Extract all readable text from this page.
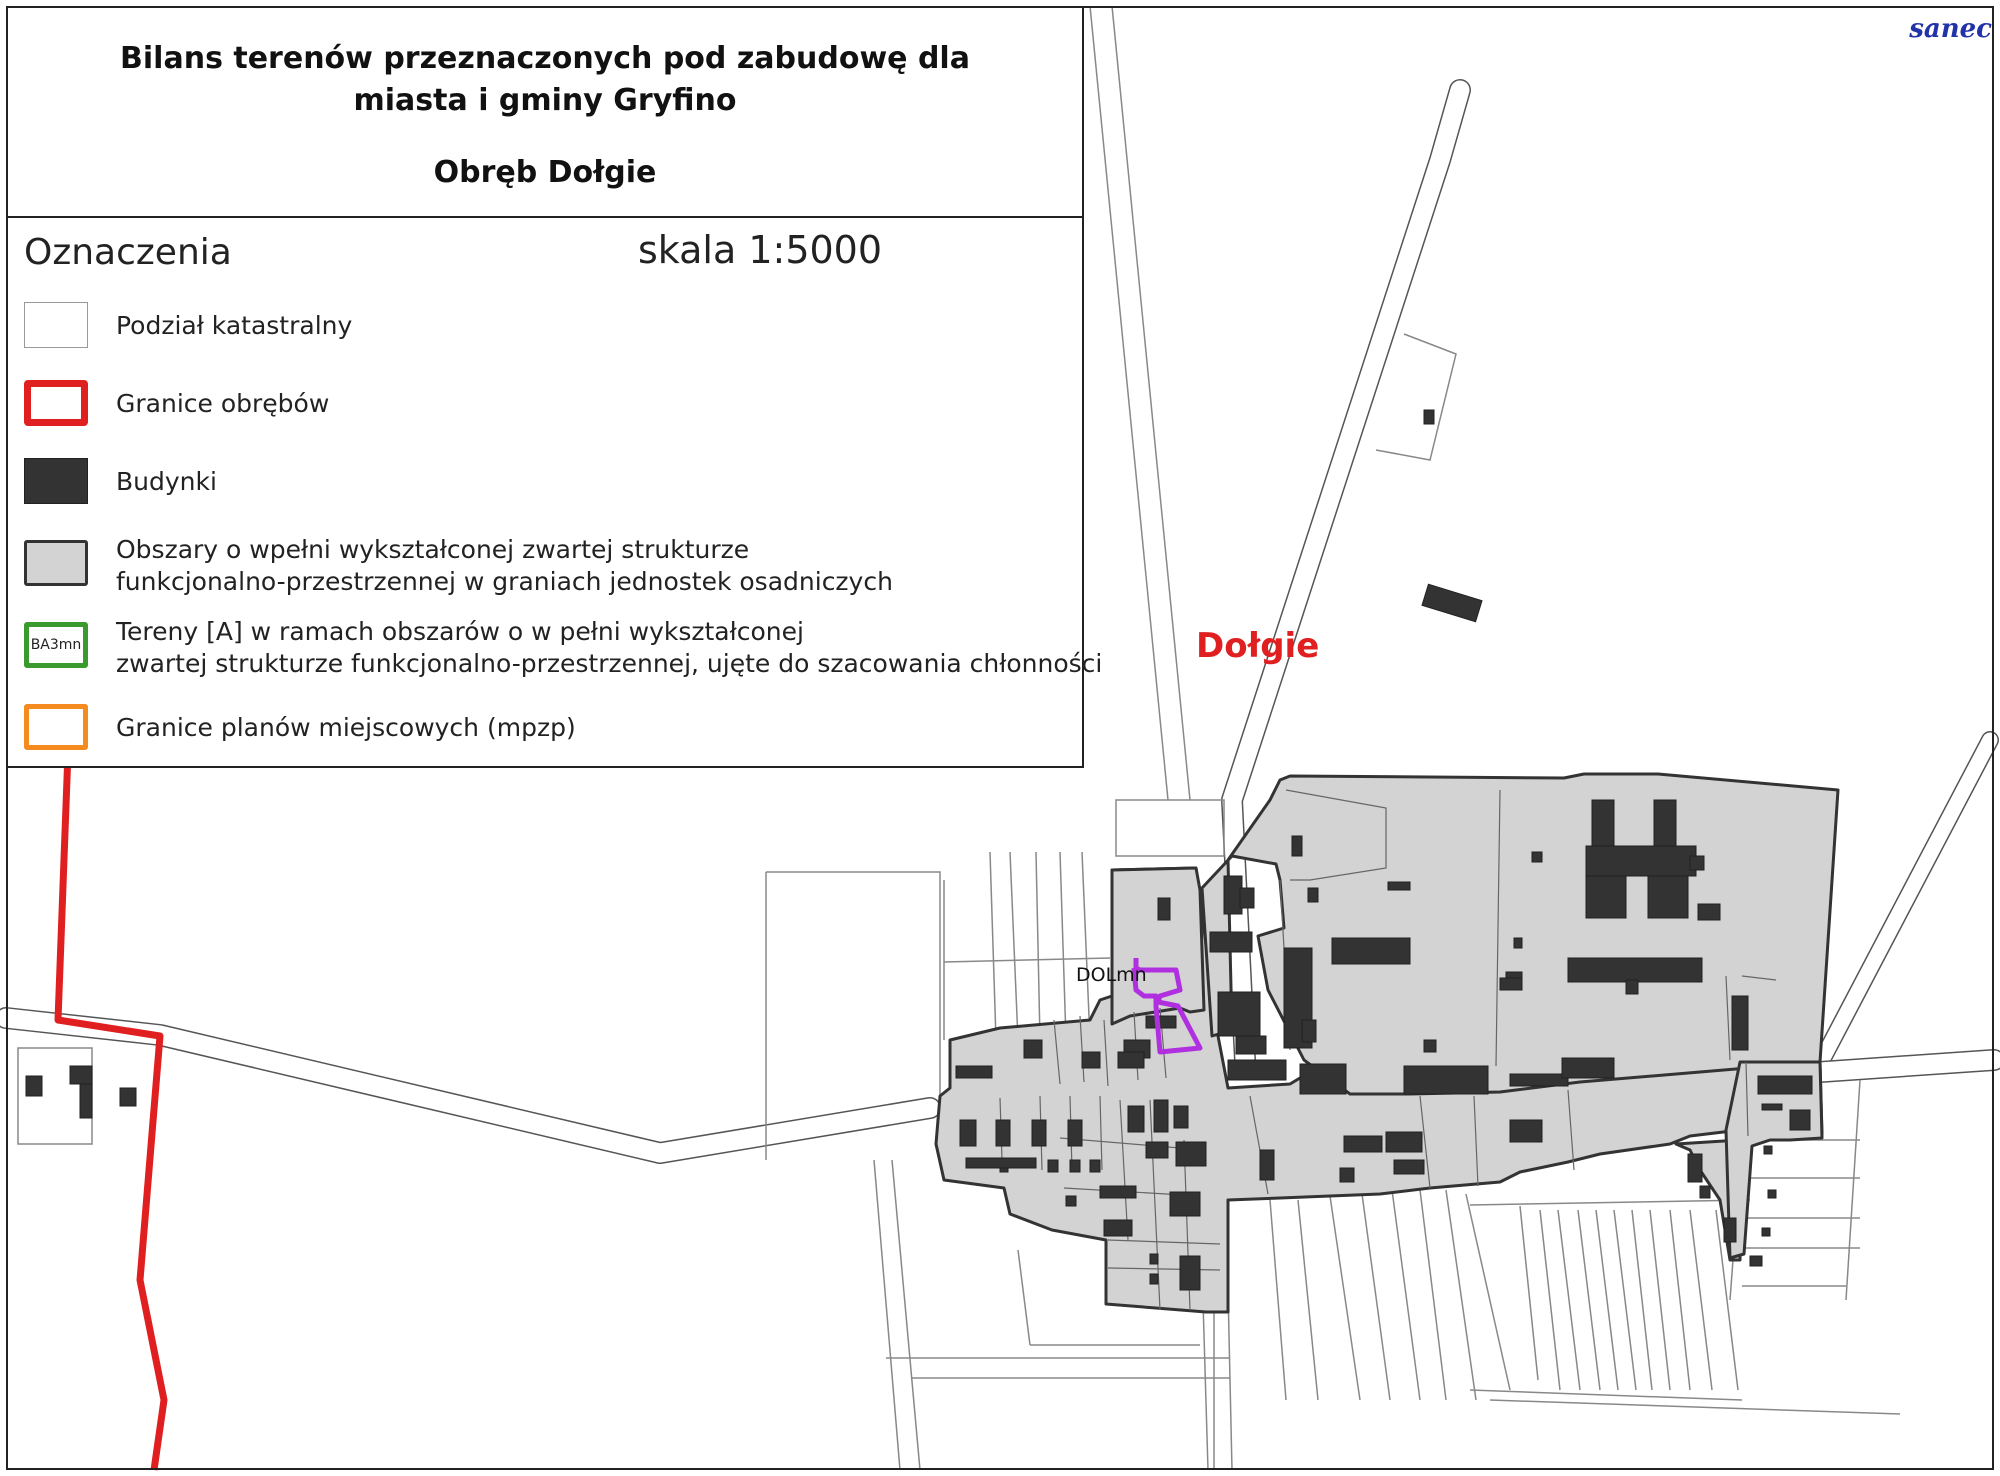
Bilans terenów przeznaczonych pod zabudowę dla
miasta i gminy Gryfino
Obręb Dołgie
Oznaczenia	skala 1:5000
Podział katastralny
Granice obrębów
Budynki
Obszary o wpełni wykształconej zwartej strukturze
funkcjonalno-przestrzennej w graniach jednostek osadniczych
BA3mn Tereny [A] w ramach obszarów o w pełni wykształconej
zwartej strukturze funkcjonalno-przestrzennej, ujęte do szacowania chłonności
Granice planów miejscowych (mpzp)
sanec
Dołgie
DOLmn
